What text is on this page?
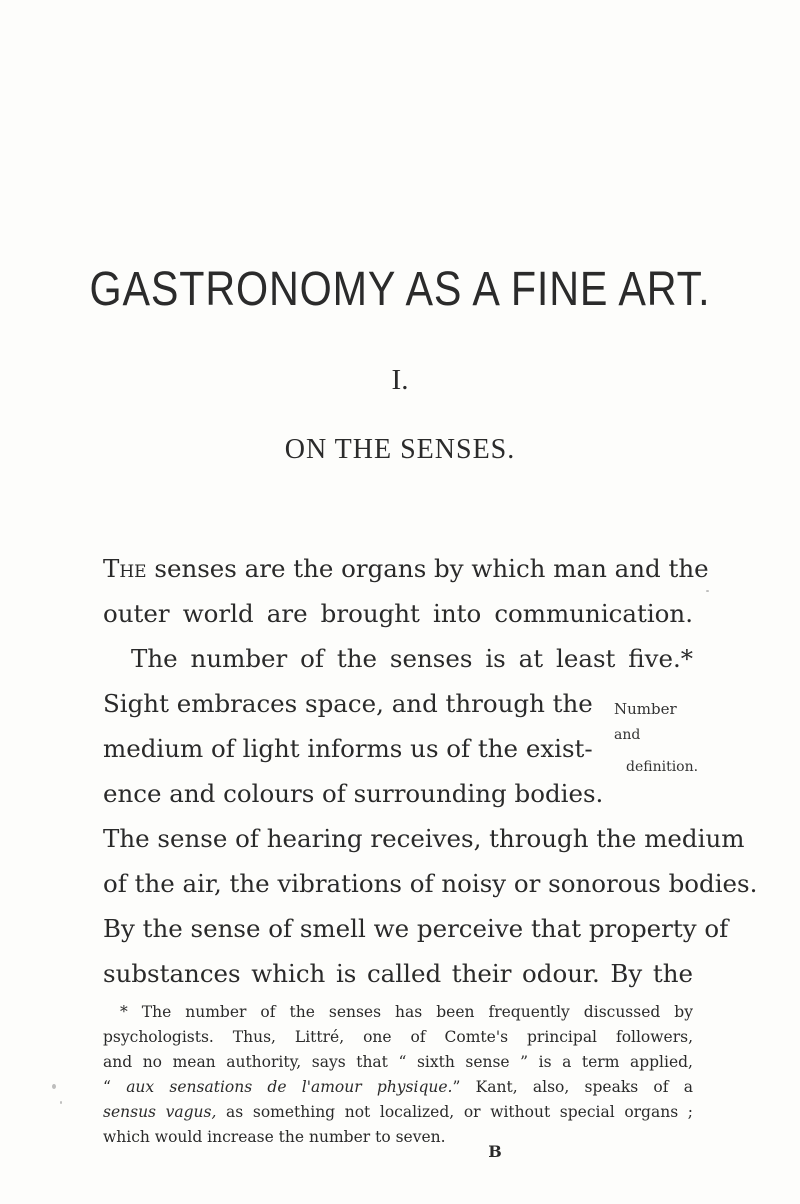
GASTRONOMY AS A FINE ART.
I.
ON THE SENSES.
The senses are the organs by which man and the
outer world are brought into communication.
The number of the senses is at least five.*
Sight embraces space, and through the
medium of light informs us of the exist-
ence and colours of surrounding bodies.
Number
and
definition.
The sense of hearing receives, through the medium
of the air, the vibrations of noisy or sonorous bodies.
By the sense of smell we perceive that property of
substances which is called their odour. By the
* The number of the senses has been frequently discussed by
psychologists. Thus, Littré, one of Comte's principal followers,
and no mean authority, says that “ sixth sense ” is a term applied,
“ aux sensations de l'amour physique.” Kant, also, speaks of a
sensus vagus, as something not localized, or without special organs ;
which would increase the number to seven.
B
